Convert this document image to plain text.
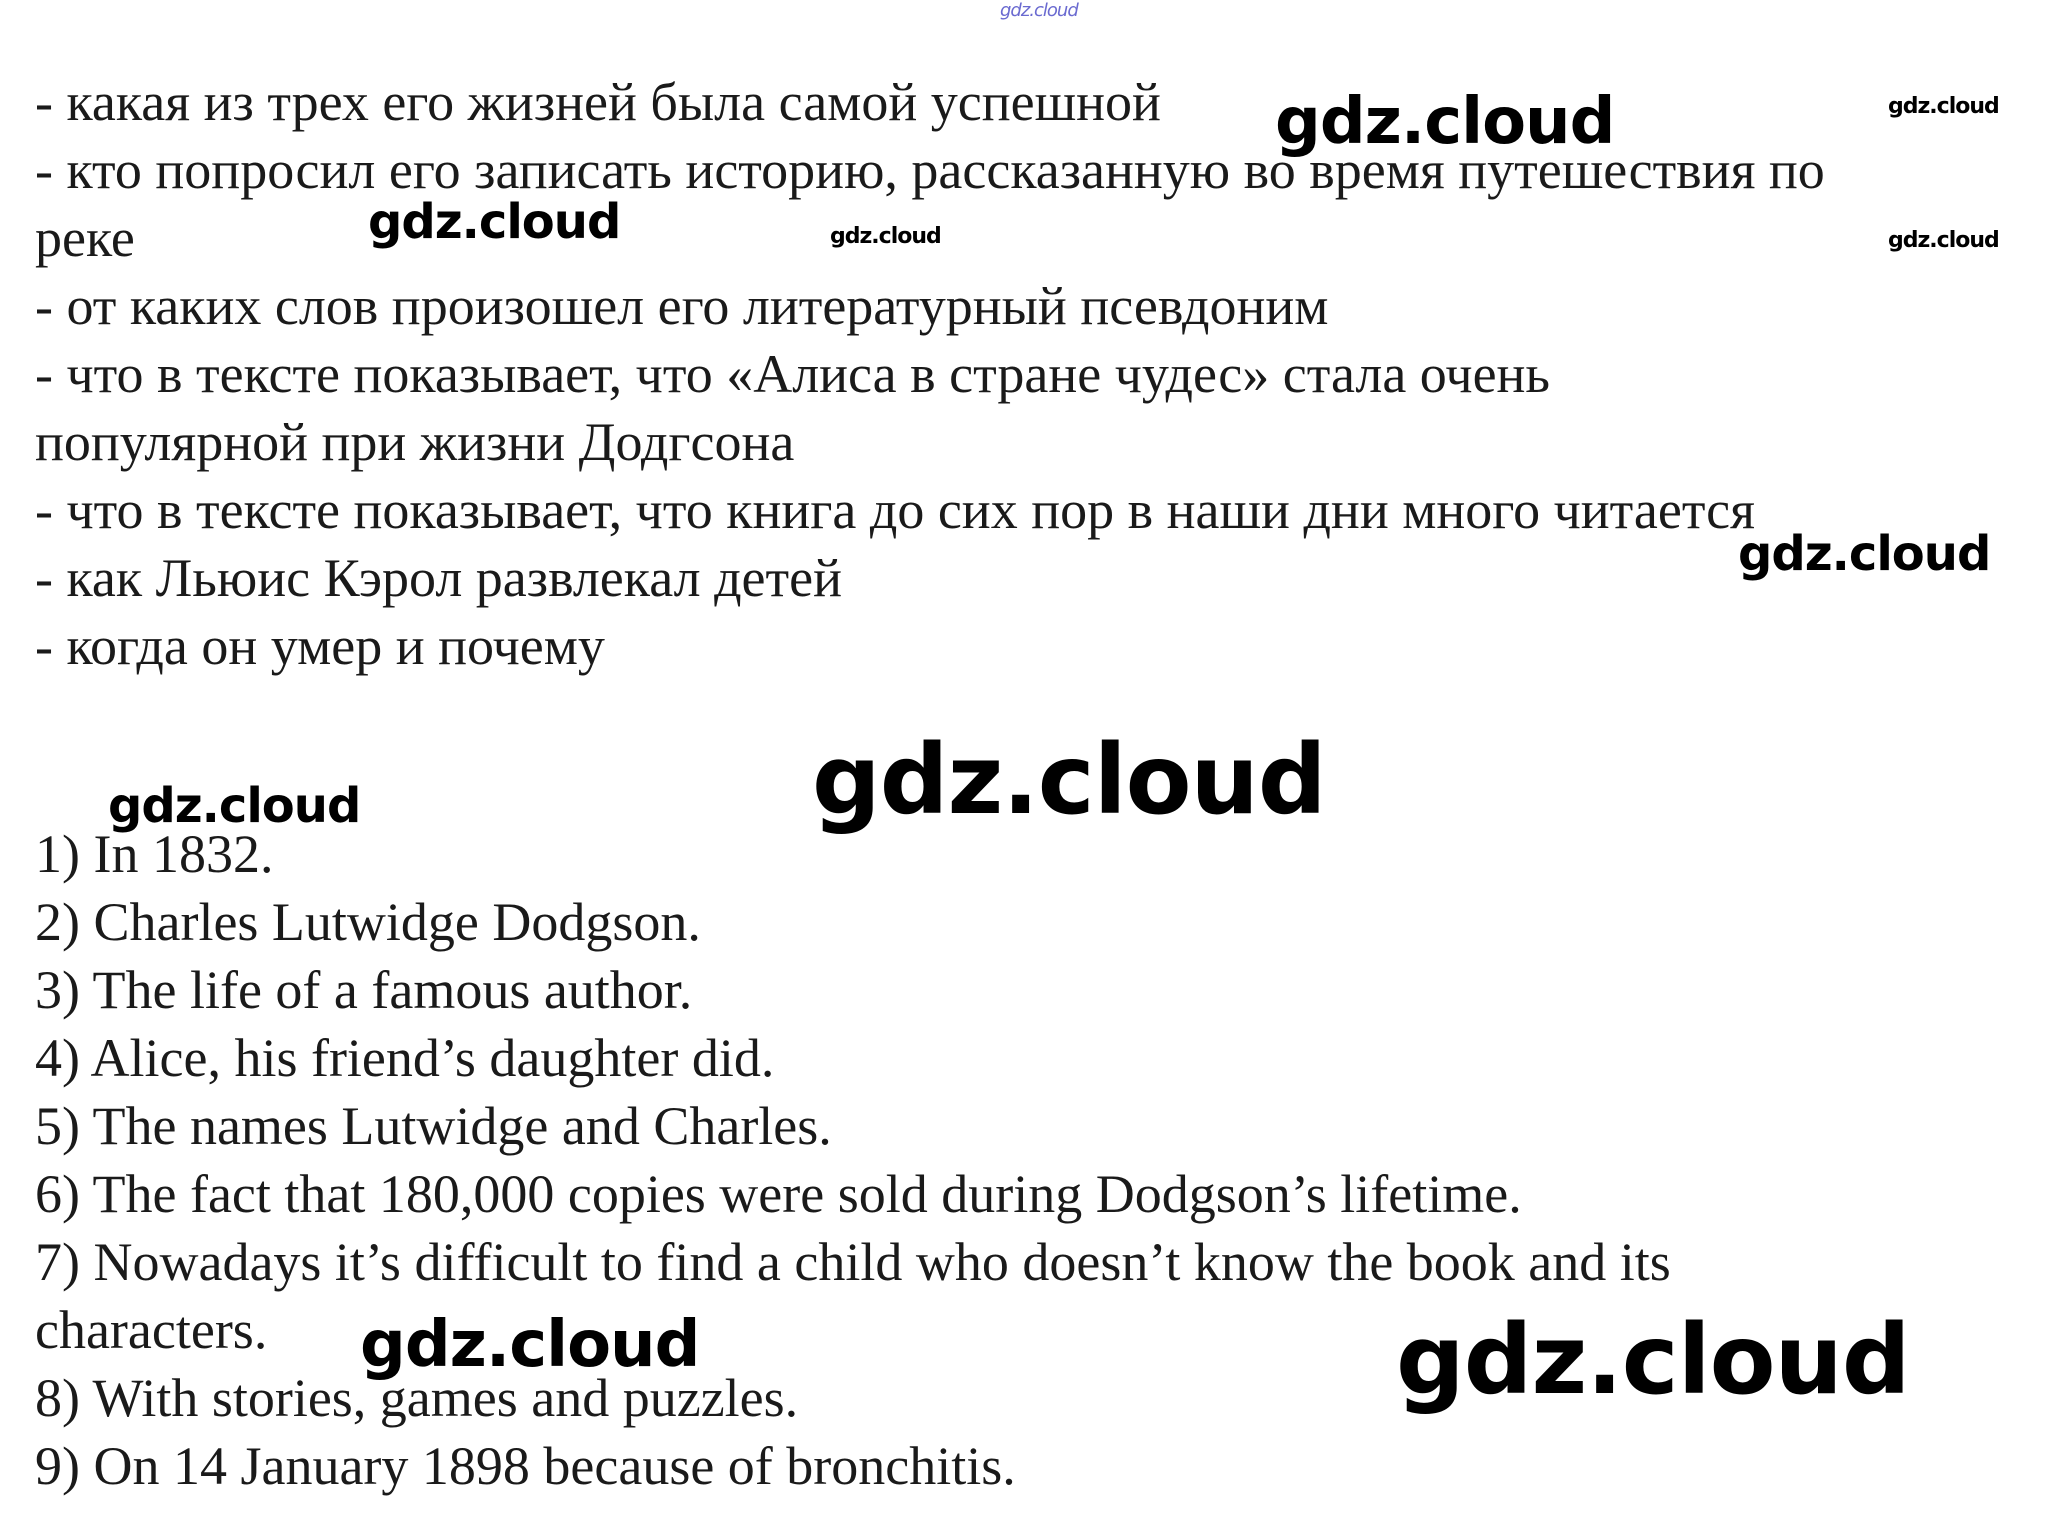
- какая из трех его жизней была самой успешной

- кто попросил его записать историю, рассказанную во время путешествия по

реке

- от каких слов произошел его литературный псевдоним

- что в тексте показывает, что «Алиса в стране чудес» стала очень

популярной при жизни Додгсона

- что в тексте показывает, что книга до сих пор в наши дни много читается

- как Льюис Кэрол развлекал детей

- когда он умер и почему

1) In 1832.

2) Charles Lutwidge Dodgson.

3) The life of a famous author.

4) Alice, his friend’s daughter did.

5) The names Lutwidge and Charles.

6) The fact that 180,000 copies were sold during Dodgson’s lifetime.

7) Nowadays it’s difficult to find a child who doesn’t know the book and its

characters.

8) With stories, games and puzzles.

9) On 14 January 1898 because of bronchitis.

gdz.cloud

gdz.cloud	gdz.cloud

gdz.cloud	gdz.cloud	gdz.cloud

gdz.cloud

gdz.cloud

gdz.cloud

gdz.cloud	gdz.cloud
